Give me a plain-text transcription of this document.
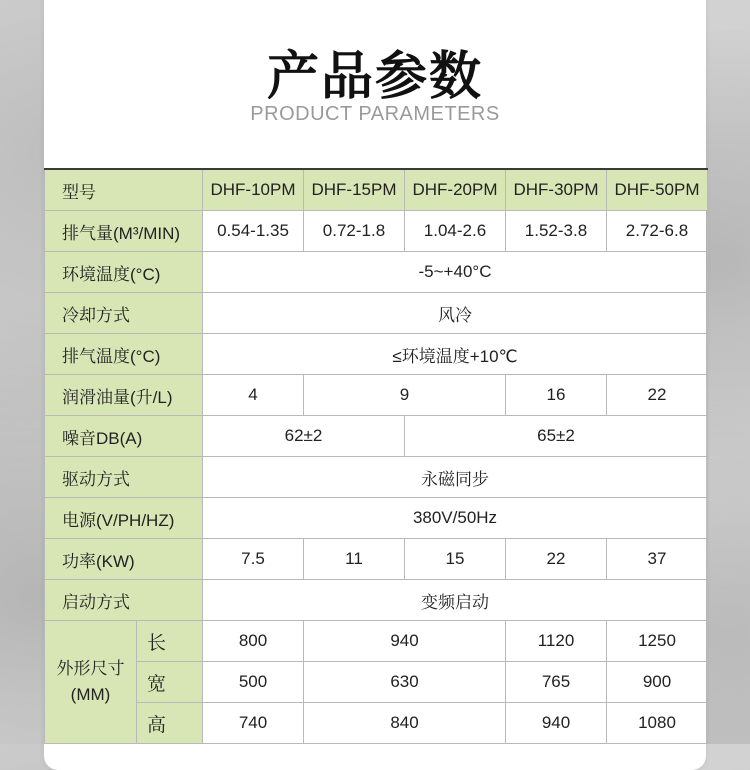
产品参数
PRODUCT PARAMETERS
型号		DHF-10PM	DHF-15PM	DHF-20PM	DHF-30PM	DHF-50PM
排气量(M³/MIN)		0.54-1.35	0.72-1.8	1.04-2.6	1.52-3.8	2.72-6.8
环境温度(°C)		-5~+40°C				
冷却方式		风冷				
排气温度(°C)		≤环境温度+10℃				
润滑油量(升/L)		4	9		16	22
噪音DB(A)		62±2		65±2		
驱动方式		永磁同步				
电源(V/PH/HZ)		380V/50Hz				
功率(KW)		7.5	11	15	22	37
启动方式		变频启动				

外形尺寸
(MM)	长	800	940		1120	1250
	宽	500	630		765	900
	高	740	840		940	1080
